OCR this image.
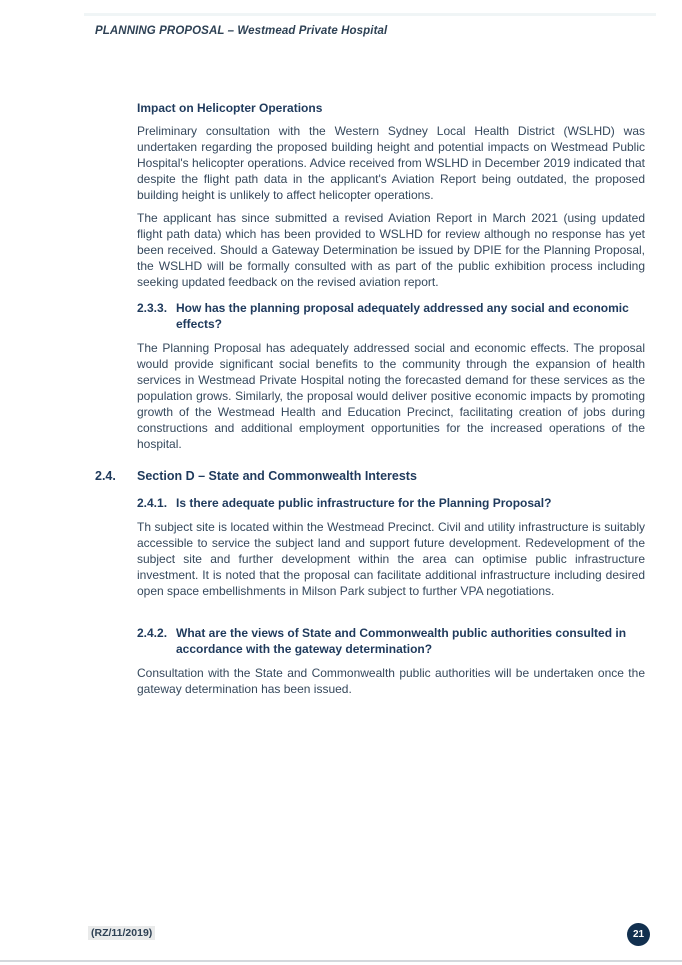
PLANNING PROPOSAL – Westmead Private Hospital
Impact on Helicopter Operations

Preliminary consultation with the Western Sydney Local Health District (WSLHD) was undertaken regarding the proposed building height and potential impacts on Westmead Public Hospital's helicopter operations. Advice received from WSLHD in December 2019 indicated that despite the flight path data in the applicant's Aviation Report being outdated, the proposed building height is unlikely to affect helicopter operations.

The applicant has since submitted a revised Aviation Report in March 2021 (using updated flight path data) which has been provided to WSLHD for review although no response has yet been received. Should a Gateway Determination be issued by DPIE for the Planning Proposal, the WSLHD will be formally consulted with as part of the public exhibition process including seeking updated feedback on the revised aviation report.

2.3.3. How has the planning proposal adequately addressed any social and economic effects?

The Planning Proposal has adequately addressed social and economic effects. The proposal would provide significant social benefits to the community through the expansion of health services in Westmead Private Hospital noting the forecasted demand for these services as the population grows. Similarly, the proposal would deliver positive economic impacts by promoting growth of the Westmead Health and Education Precinct, facilitating creation of jobs during constructions and additional employment opportunities for the increased operations of the hospital.

2.4.	Section D – State and Commonwealth Interests
2.4.1. Is there adequate public infrastructure for the Planning Proposal?

Th subject site is located within the Westmead Precinct. Civil and utility infrastructure is suitably accessible to service the subject land and support future development. Redevelopment of the subject site and further development within the area can optimise public infrastructure investment. It is noted that the proposal can facilitate additional infrastructure including desired open space embellishments in Milson Park subject to further VPA negotiations.

2.4.2. What are the views of State and Commonwealth public authorities consulted in accordance with the gateway determination?

Consultation with the State and Commonwealth public authorities will be undertaken once the gateway determination has been issued.

(RZ/11/2019)	21
